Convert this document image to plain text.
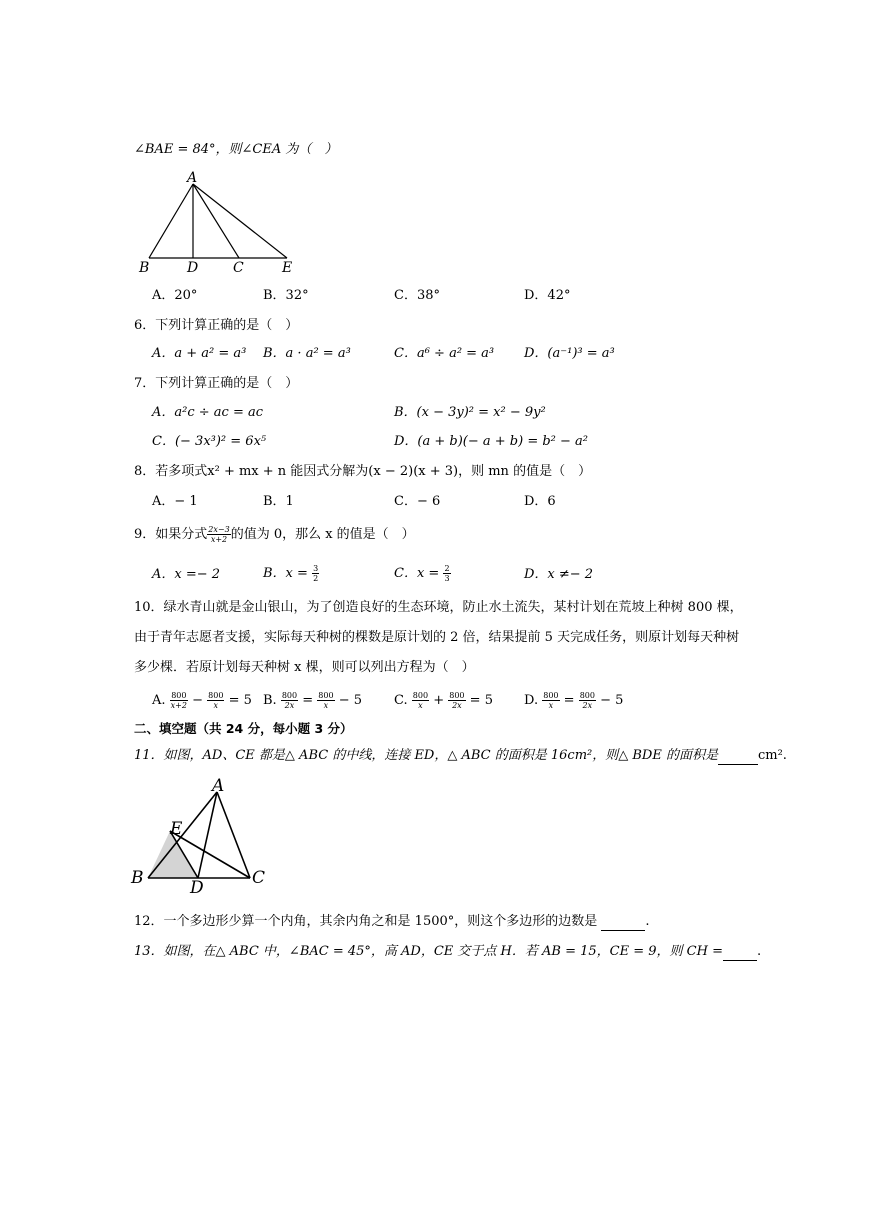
∠BAE = 84°，则∠CEA 为（　）
A
B	D C	E
A．20°	B．32°	C．38°	D．42°
6．下列计算正确的是（　）
A．a + a² = a³ B．a · a² = a³	C．a⁶ ÷ a² = a³ D．(a⁻¹)³ = a³
7．下列计算正确的是（　）
A．a²c ÷ ac = ac	B．(x − 3y)² = x² − 9y²
C．(− 3x³)² = 6x⁵	D．(a + b)(− a + b) = b² − a²
8．若多项式x² + mx + n 能因式分解为(x − 2)(x + 3)，则 mn 的值是（　）
A．− 1	B．1	C．− 6	D．6
9．如果分式 $\frac{2x-3}{x+2}$ 的值为 0，那么 x 的值是（　）
A．x =− 2	B．$x = \frac{3}{2}$	C．$x = \frac{2}{3}$	D．x ≠− 2
10．绿水青山就是金山银山，为了创造良好的生态环境，防止水土流失，某村计划在荒坡上种树 800 棵，
由于青年志愿者支援，实际每天种树的棵数是原计划的 2 倍，结果提前 5 天完成任务，则原计划每天种树
多少棵．若原计划每天种树 x 棵，则可以列出方程为（　）
A. $\frac{800}{x+2} - \frac{800}{x} = 5$ B. $\frac{800}{2x} = \frac{800}{x} - 5$ C. $\frac{800}{x} + \frac{800}{2x} = 5$ D. $\frac{800}{x} = \frac{800}{2x} - 5$
二、填空题（共 24 分，每小题 3 分）
11．如图，AD、CE 都是△ ABC 的中线，连接 ED，△ ABC 的面积是 16cm²，则△ BDE 的面积是	cm².
A
E
B	D	C
12．一个多边形少算一个内角，其余内角之和是 1500°，则这个多边形的边数是	.
13．如图，在△ ABC 中，∠BAC = 45°，高 AD，CE 交于点 H．若 AB = 15，CE = 9，则 CH =	.
